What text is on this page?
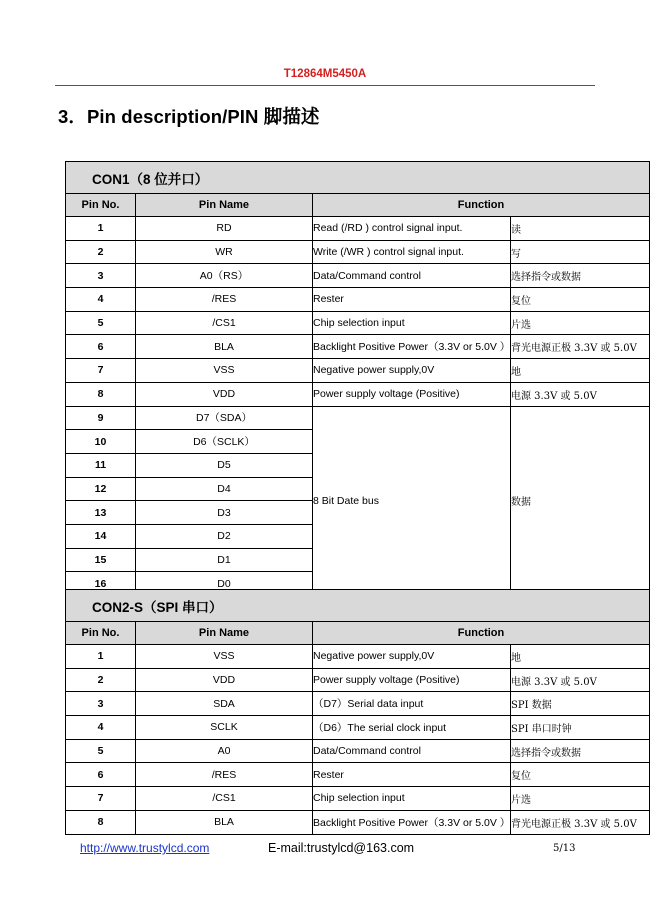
T12864M5450A
3．Pin description/PIN 脚描述
CON1（8 位并口）			
Pin No.	Pin Name	Function	
1	RD	Read (/RD ) control signal input.	读
2	WR	Write (/WR ) control signal input.	写
3	A0（RS）	Data/Command control	选择指令或数据
4	/RES	Rester	复位
5	/CS1	Chip selection input	片选
6	BLA	Backlight Positive Power（3.3V or 5.0V ）	背光电源正极 3.3V 或 5.0V
7	VSS	Negative power supply,0V	地
8	VDD	Power supply voltage (Positive)	电源 3.3V 或 5.0V
9	D7（SDA）	8 Bit Date bus	数据
10	D6（SCLK）		
11	D5		
12	D4		
13	D3		
14	D2		
15	D1		
16	D0		
CON2-S（SPI 串口）			
Pin No.	Pin Name	Function	
1	VSS	Negative power supply,0V	地
2	VDD	Power supply voltage (Positive)	电源 3.3V 或 5.0V
3	SDA	（D7）Serial data input	SPI 数据
4	SCLK	（D6）The serial clock input	SPI 串口时钟
5	A0	Data/Command control	选择指令或数据
6	/RES	Rester	复位
7	/CS1	Chip selection input	片选
8	BLA	Backlight Positive Power（3.3V or 5.0V ）	背光电源正极 3.3V 或 5.0V
http://www.trustylcd.com	E-mail:trustylcd@163.com	5/13
